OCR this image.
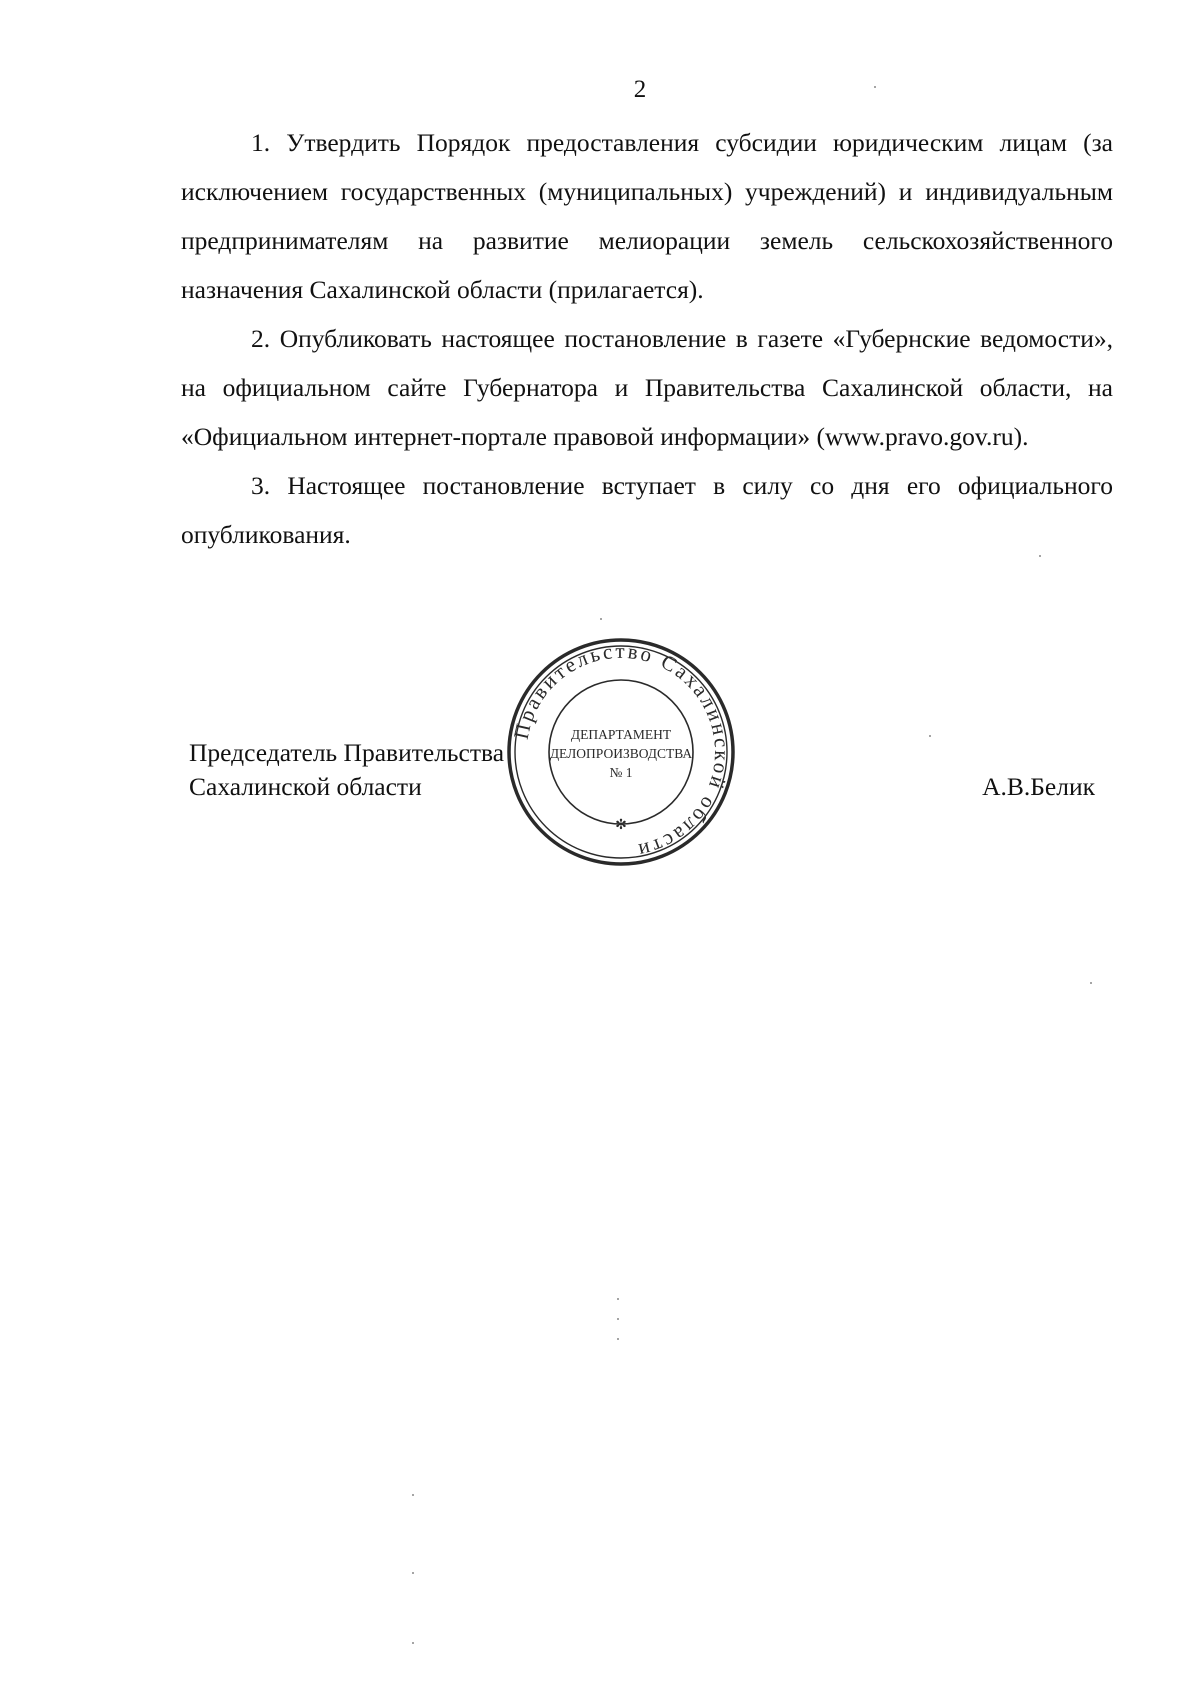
2

1. Утвердить Порядок предоставления субсидии юридическим лицам (за исключением государственных (муниципальных) учреждений) и индивидуальным предпринимателям на развитие мелиорации земель сельскохозяйственного назначения Сахалинской области (прилагается).

2. Опубликовать настоящее постановление в газете «Губернские ведомости», на официальном сайте Губернатора и Правительства Сахалинской области, на «Официальном интернет-портале правовой информации» (www.pravo.gov.ru).

3. Настоящее постановление вступает в силу со дня его официального опубликования.

Председатель Правительства
Сахалинской области	А.В.Белик
Правительство Сахалинской области
✻
ДЕПАРТАМЕНТ
ДЕЛОПРОИЗВОДСТВА
№ 1
